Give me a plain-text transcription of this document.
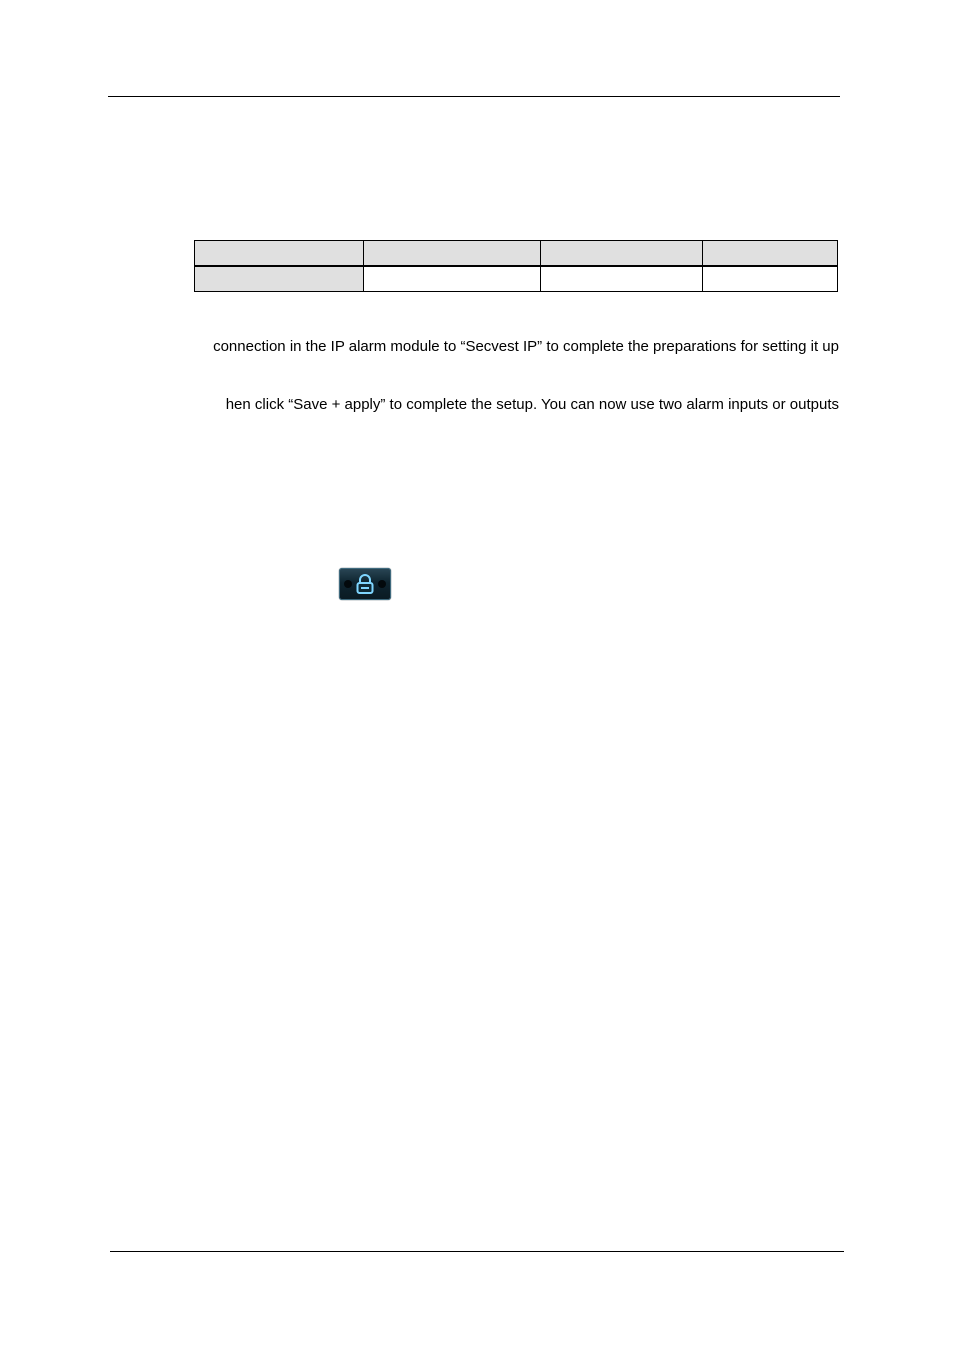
connection in the IP alarm module to “Secvest IP” to complete the preparations for setting it up
hen click “Save + apply” to complete the setup. You can now use two alarm inputs or outputs
